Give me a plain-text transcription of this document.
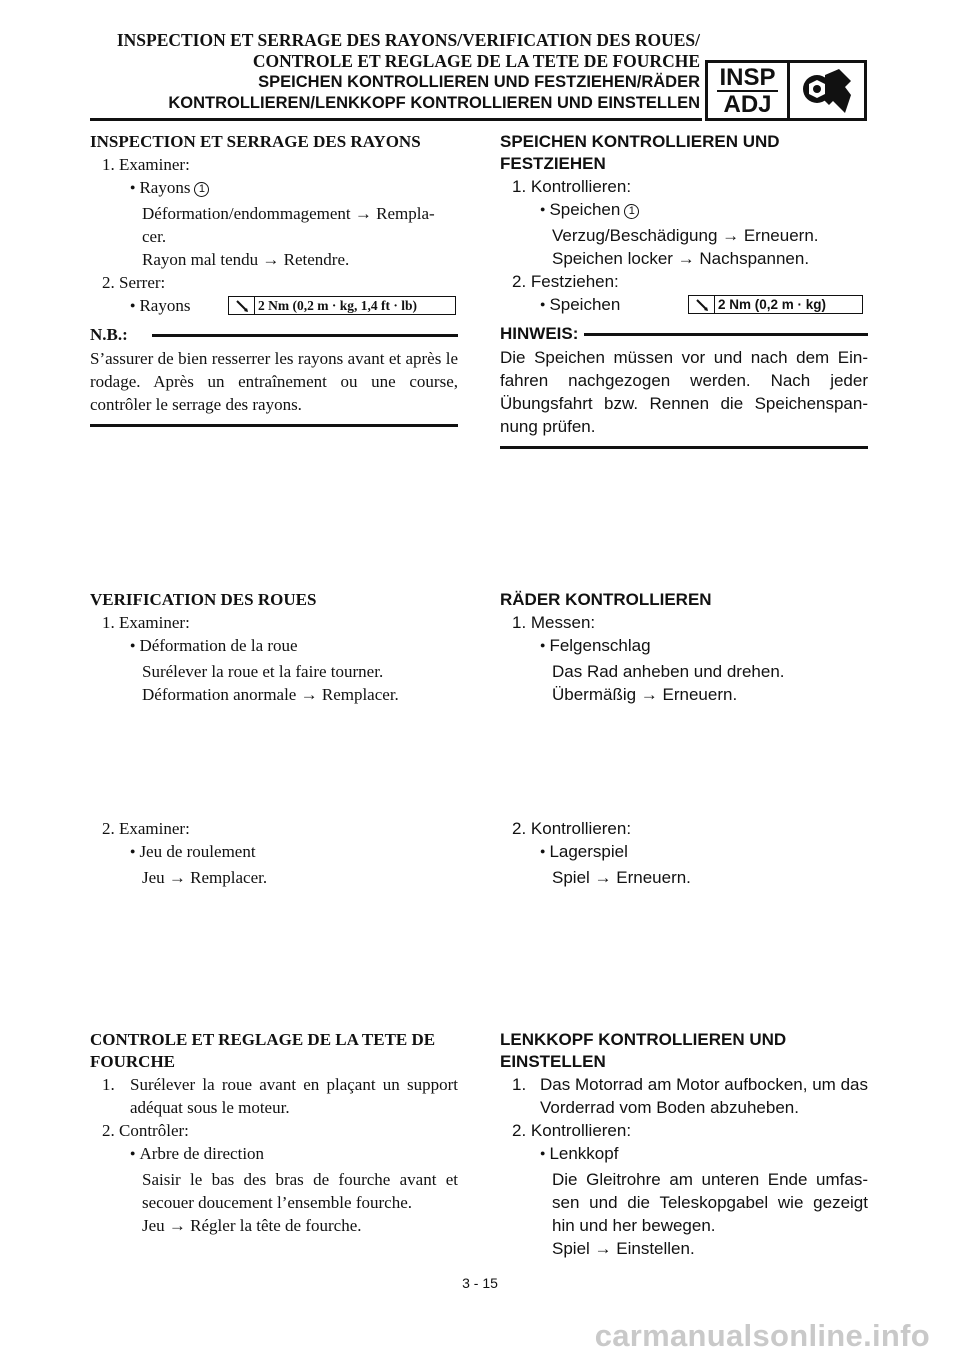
INSPECTION ET SERRAGE DES RAYONS/VERIFICATION DES ROUES/
CONTROLE ET REGLAGE DE LA TETE DE FOURCHE
SPEICHEN KONTROLLIEREN UND FESTZIEHEN/RÄDER
KONTROLLIEREN/LENKKOPF KONTROLLIEREN UND EINSTELLEN
INSP
ADJ
INSPECTION ET SERRAGE DES RAYONS
1. Examiner:
● Rayons 1
Déformation/endommagement → Rempla-
cer.
Rayon mal tendu → Retendre.
2. Serrer:
● Rayons	2 Nm (0,2 m · kg, 1,4 ft · lb)
N.B.:
S’assurer de bien resserrer les rayons avant et après le rodage. Après un entraînement ou une course, contrôler le serrage des rayons.
SPEICHEN KONTROLLIEREN UND
FESTZIEHEN
1. Kontrollieren:
● Speichen 1
Verzug/Beschädigung → Erneuern.
Speichen locker → Nachspannen.
2. Festziehen:
● Speichen	2 Nm (0,2 m · kg)
HINWEIS:
Die Speichen müssen vor und nach dem Ein- fahren nachgezogen werden. Nach jeder Übungsfahrt bzw. Rennen die Speichenspan- nung prüfen.
VERIFICATION DES ROUES
1. Examiner:
● Déformation de la roue
Surélever la roue et la faire tourner.
Déformation anormale → Remplacer.
2. Examiner:
● Jeu de roulement
Jeu → Remplacer.
RÄDER KONTROLLIEREN
1. Messen:
● Felgenschlag
Das Rad anheben und drehen.
Übermäßig → Erneuern.
2. Kontrollieren:
● Lagerspiel
Spiel → Erneuern.
CONTROLE ET REGLAGE DE LA TETE DE
FOURCHE
1. Surélever la roue avant en plaçant un support adéquat sous le moteur.
2. Contrôler:
● Arbre de direction
Saisir le bas des bras de fourche avant et secouer doucement l’ensemble fourche.
Jeu → Régler la tête de fourche.
LENKKOPF KONTROLLIEREN UND
EINSTELLEN
1. Das Motorrad am Motor aufbocken, um das Vorderrad vom Boden abzuheben.
2. Kontrollieren:
● Lenkkopf
Die Gleitrohre am unteren Ende umfas- sen und die Teleskopgabel wie gezeigt hin und her bewegen.
Spiel → Einstellen.
3 - 15
carmanualsonline.info
